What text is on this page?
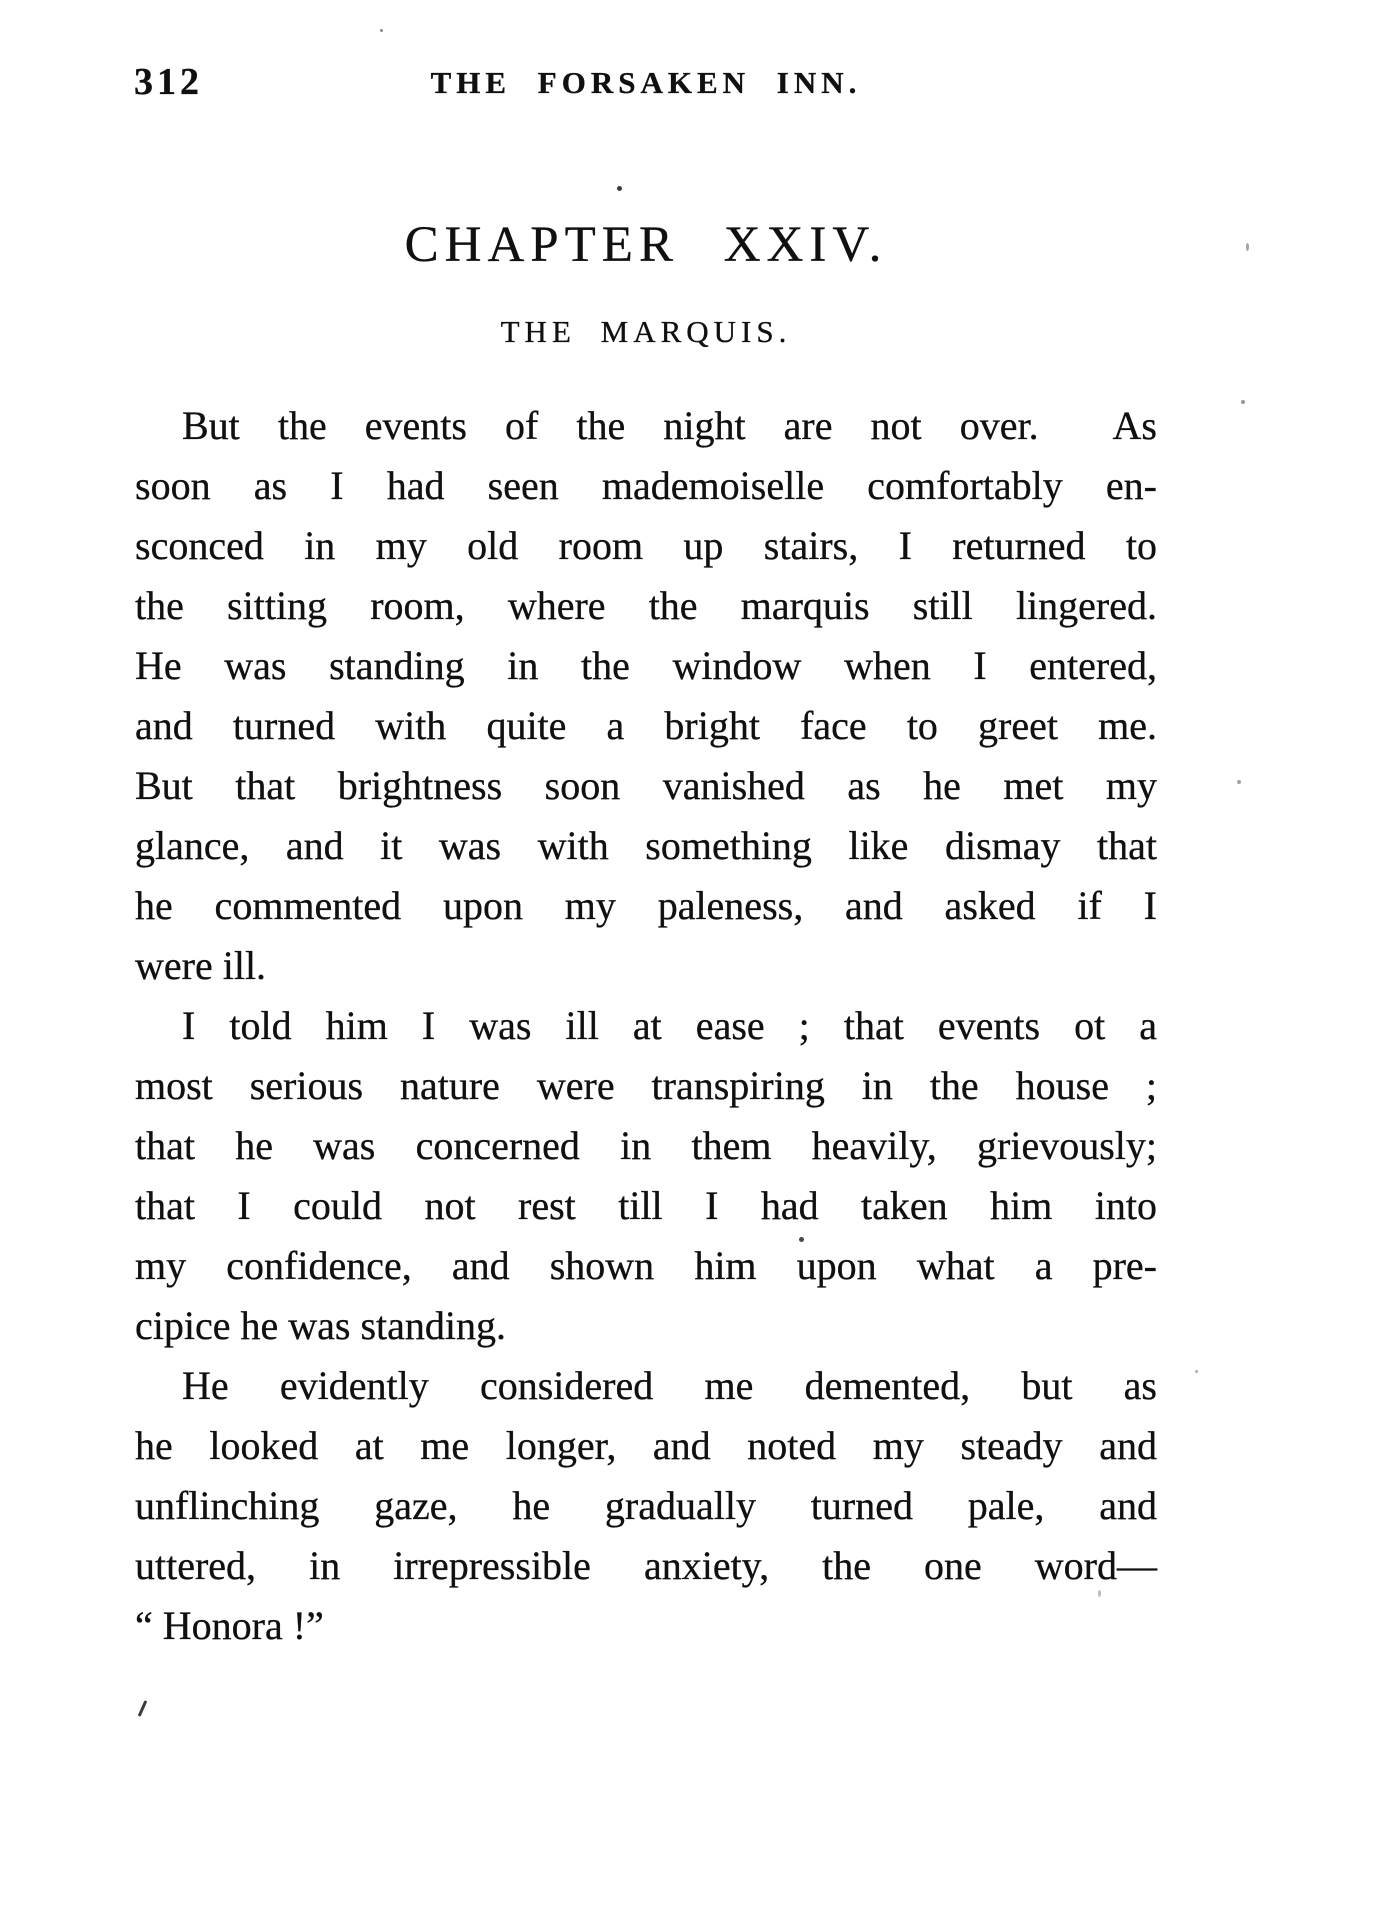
312	THE FORSAKEN INN.
CHAPTER XXIV.
THE MARQUIS.
But the events of the night are not over.  As
soon as I had seen mademoiselle comfortably en-
sconced in my old room up stairs, I returned to
the sitting room, where the marquis still lingered.
He was standing in the window when I entered,
and turned with quite a bright face to greet me.
But that brightness soon vanished as he met my
glance, and it was with something like dismay that
he commented upon my paleness, and asked if I
were ill.
I told him I was ill at ease ; that events ot a
most serious nature were transpiring in the house ;
that he was concerned in them heavily, grievously;
that I could not rest till I had taken him into
my confidence, and shown him upon what a pre-
cipice he was standing.
He evidently considered me demented, but as
he looked at me longer, and noted my steady and
unflinching gaze, he gradually turned pale, and
uttered, in irrepressible anxiety, the one word—
“ Honora !”
